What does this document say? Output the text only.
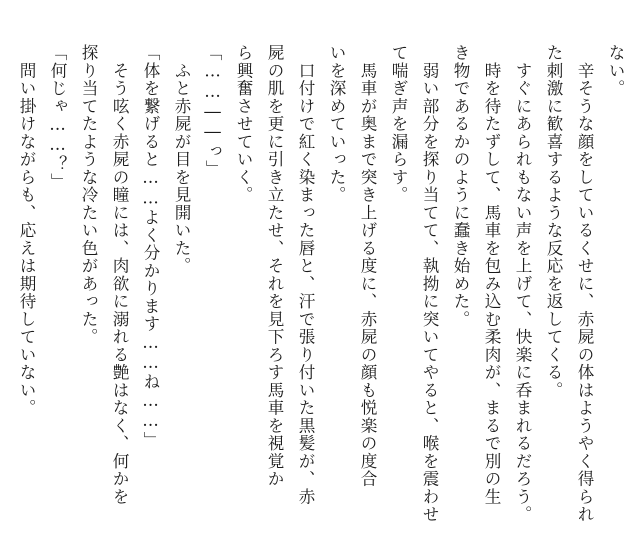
ない。
　辛そうな顔をしているくせに、赤屍の体はようやく得られ
た刺激に歓喜するような反応を返してくる。
　すぐにあられもない声を上げて、快楽に呑まれるだろう。
　時を待たずして、馬車を包み込む柔肉が、まるで別の生
き物であるかのように蠢き始めた。
　弱い部分を探り当てて、執拗に突いてやると、喉を震わせ
て喘ぎ声を漏らす。
　馬車が奥まで突き上げる度に、赤屍の顔も悦楽の度合
いを深めていった。
　口付けで紅く染まった唇と、汗で張り付いた黒髪が、赤
屍の肌を更に引き立たせ、それを見下ろす馬車を視覚か
ら興奮させていく。
「……――っ」
　ふと赤屍が目を見開いた。
「体を繋げると……よく分かります……ね……」
　そう呟く赤屍の瞳には、肉欲に溺れる艶はなく、何かを
探り当てたような冷たい色があった。
「何じゃ……？」
　問い掛けながらも、応えは期待していない。
